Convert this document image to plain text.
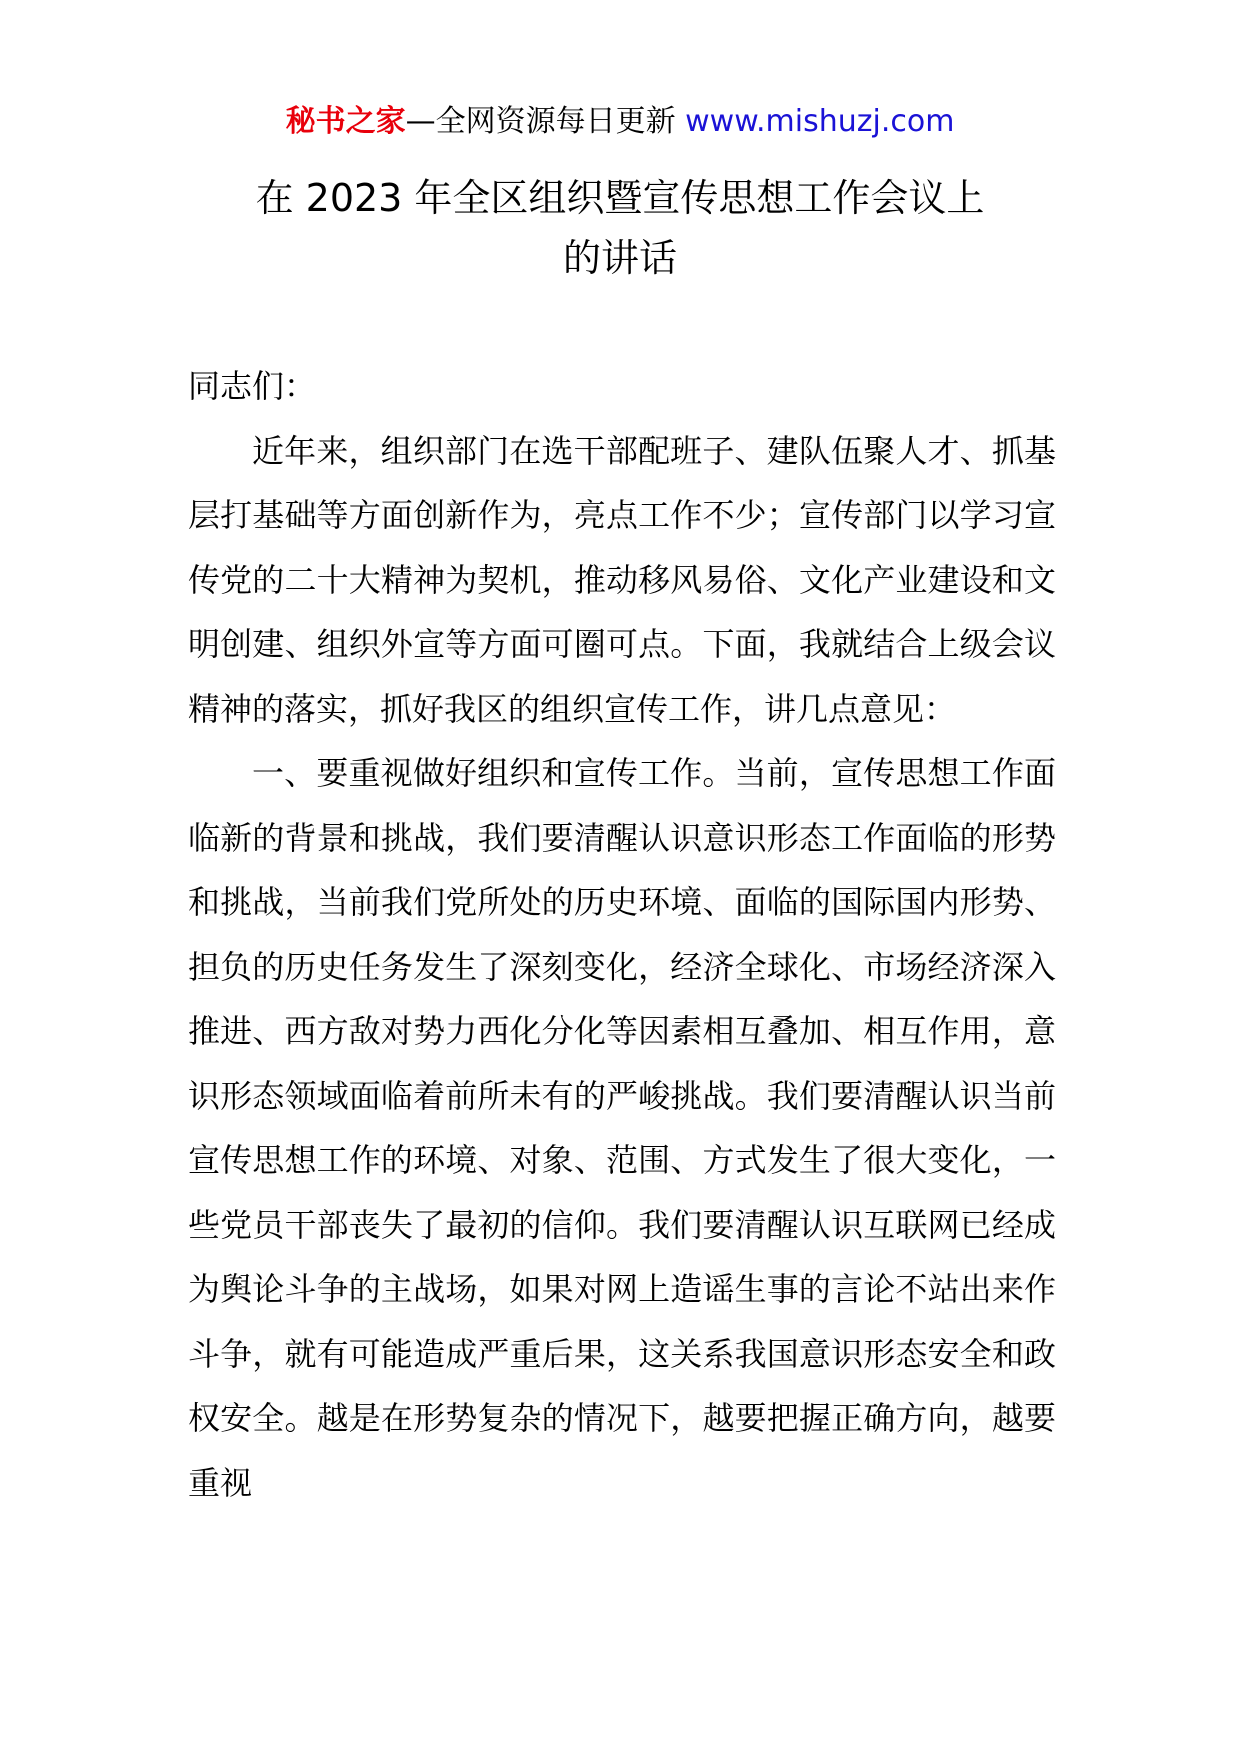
秘书之家—全网资源每日更新 www.mishuzj.com
在 2023 年全区组织暨宣传思想工作会议上
的讲话

同志们：

近年来，组织部门在选干部配班子、建队伍聚人才、抓基层打基础等方面创新作为，亮点工作不少；宣传部门以学习宣传党的二十大精神为契机，推动移风易俗、文化产业建设和文明创建、组织外宣等方面可圈可点。下面，我就结合上级会议精神的落实，抓好我区的组织宣传工作，讲几点意见：

一、要重视做好组织和宣传工作。当前，宣传思想工作面临新的背景和挑战，我们要清醒认识意识形态工作面临的形势和挑战，当前我们党所处的历史环境、面临的国际国内形势、担负的历史任务发生了深刻变化，经济全球化、市场经济深入推进、西方敌对势力西化分化等因素相互叠加、相互作用，意识形态领域面临着前所未有的严峻挑战。我们要清醒认识当前宣传思想工作的环境、对象、范围、方式发生了很大变化，一些党员干部丧失了最初的信仰。我们要清醒认识互联网已经成为舆论斗争的主战场，如果对网上造谣生事的言论不站出来作斗争，就有可能造成严重后果，这关系我国意识形态安全和政权安全。越是在形势复杂的情况下，越要把握正确方向，越要重视
